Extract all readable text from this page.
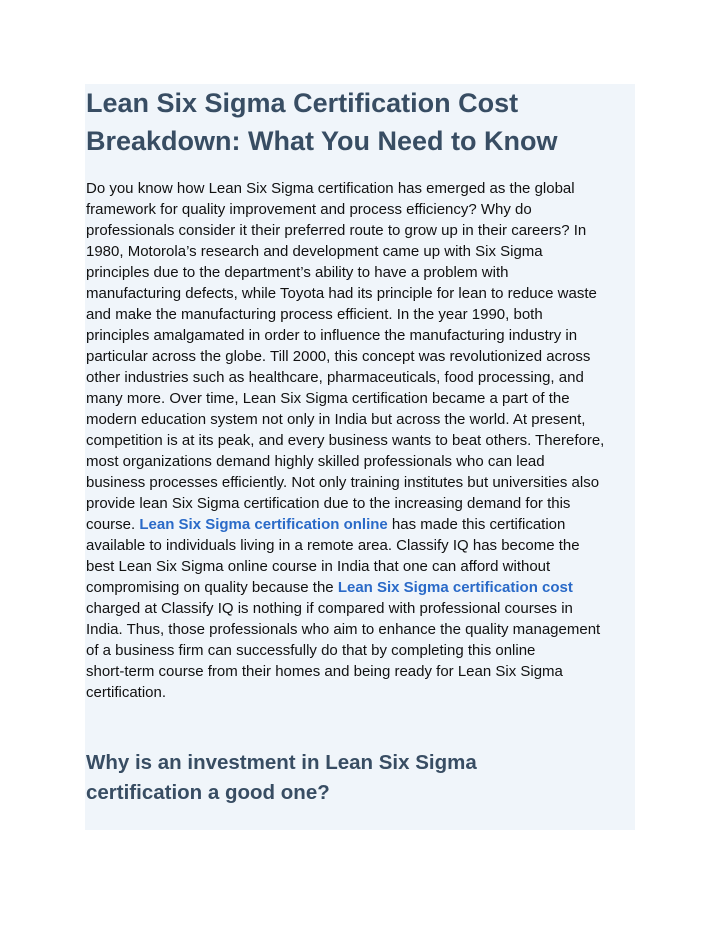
Lean Six Sigma Certification Cost
Breakdown: What You Need to Know
Do you know how Lean Six Sigma certification has emerged as the global
framework for quality improvement and process efficiency? Why do
professionals consider it their preferred route to grow up in their careers? In
1980, Motorola’s research and development came up with Six Sigma
principles due to the department’s ability to have a problem with
manufacturing defects, while Toyota had its principle for lean to reduce waste
and make the manufacturing process efficient. In the year 1990, both
principles amalgamated in order to influence the manufacturing industry in
particular across the globe. Till 2000, this concept was revolutionized across
other industries such as healthcare, pharmaceuticals, food processing, and
many more. Over time, Lean Six Sigma certification became a part of the
modern education system not only in India but across the world. At present,
competition is at its peak, and every business wants to beat others. Therefore,
most organizations demand highly skilled professionals who can lead
business processes efficiently. Not only training institutes but universities also
provide lean Six Sigma certification due to the increasing demand for this
course. Lean Six Sigma certification online has made this certification
available to individuals living in a remote area. Classify IQ has become the
best Lean Six Sigma online course in India that one can afford without
compromising on quality because the Lean Six Sigma certification cost
charged at Classify IQ is nothing if compared with professional courses in
India. Thus, those professionals who aim to enhance the quality management
of a business firm can successfully do that by completing this online
short-term course from their homes and being ready for Lean Six Sigma
certification.
Why is an investment in Lean Six Sigma
certification a good one?
